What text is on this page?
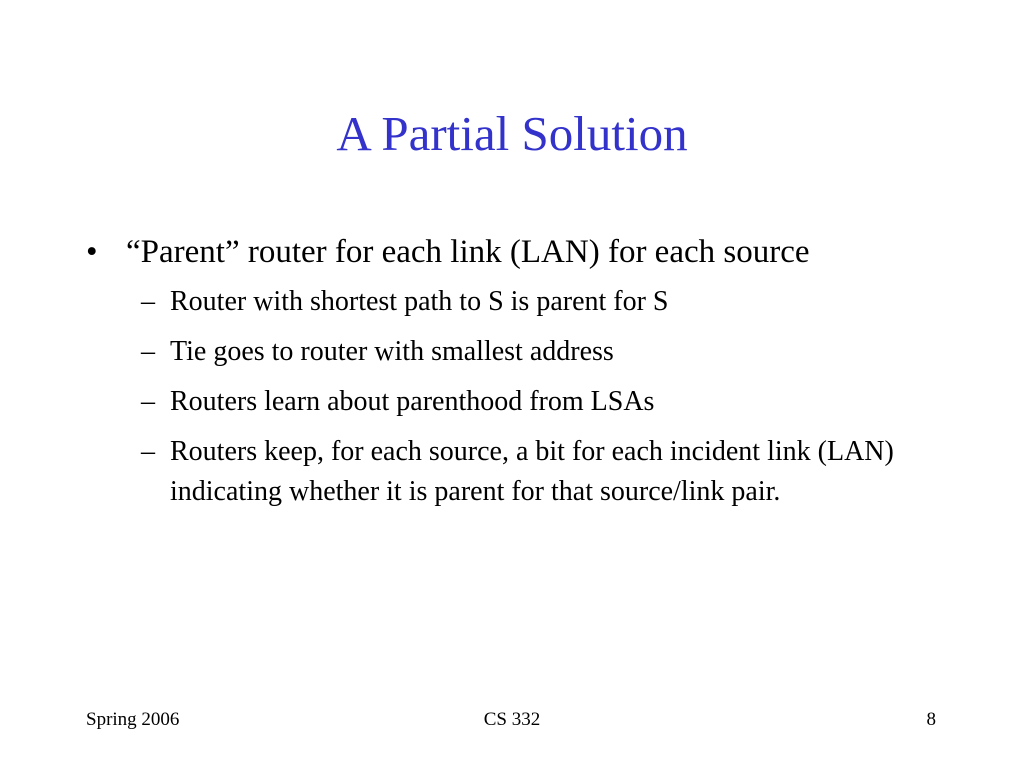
A Partial Solution
• “Parent” router for each link (LAN) for each source
– Router with shortest path to S is parent for S
– Tie goes to router with smallest address
– Routers learn about parenthood from LSAs
– Routers keep, for each source, a bit for each incident link (LAN) indicating whether it is parent for that source/link pair.
Spring 2006	CS 332	8
